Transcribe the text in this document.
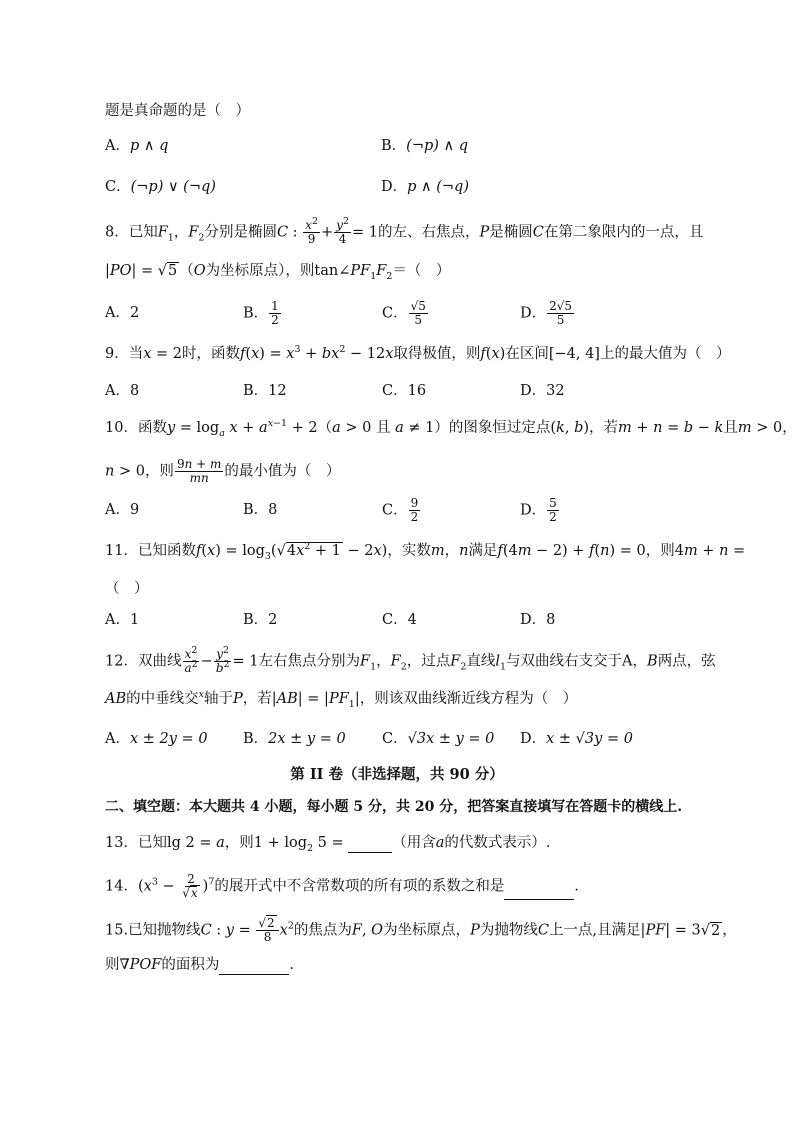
题是真命题的是（　）
A．p ∧ q	B．(¬p) ∧ q
C．(¬p) ∨ (¬q)	D．p ∧ (¬q)
8．已知$F_1$，$F_2$分别是椭圆C : $\frac{x^2}{9} + \frac{y^2}{4} = 1$的左、右焦点，P是椭圆C在第二象限内的一点，且
|PO| = √5 （O为坐标原点），则$\tan\angle PF_1F_2=$（　）
A．2	B． $\frac{1}{2}$	C． $\frac{√5}{5}$	D． $\frac{2√5}{5}$
9．当x = 2时，函数$f(x) = x^3 + bx^2 - 12x$取得极值，则f(x)在区间[−4, 4]上的最大值为（　）
A．8	B．12	C．16	D．32
10．函数$y = \log_a x + a^{x-1} + 2(a > 0$ 且 a ≠ 1）的图象恒过定点(k, b)，若m + n = b − k且m > 0，
n > 0，则 $\frac{9n + m}{mn}$ 的最小值为（　）
A．9	B．8	C． $\frac{9}{2}$	D． $\frac{5}{2}$
11．已知函数$f(x) = \log_3(√4x^2 + 1 - 2x)$，实数m，n满足f(4m − 2) + f(n) = 0，则4m + n =
（　）
A．1	B．2	C．4	D．8
12．双曲线 $\frac{x^2}{a^2} - \frac{y^2}{b^2} = 1$左右焦点分别为$F_1$，$F_2$，过点$F_2$直线$l_1$与双曲线右支交于A，B两点，弦
AB的中垂线交$^x$轴于P，若$|AB| = |PF_1|$，则该双曲线渐近线方程为（　）
A．x ± 2y = 0 B．2x ± y = 0	C．√3x ± y = 0 D．x ± √3y = 0
第 II 卷（非选择题，共 90 分）
二、填空题：本大题共 4 小题，每小题 5 分，共 20 分，把答案直接填写在答题卡的横线上.
13．已知lg 2 = a，则$1 + \log_2 5$ =	（用含a的代数式表示）.
14．$(x^3 - \frac{2}{√x} )^7$的展开式中不含常数项的所有项的系数之和是	．
15.已知抛物线C : $y = \frac{√2}{8} x^2$的焦点为F, O为坐标原点，P为抛物线C上一点,且满足|PF| = 3√2 ，
则∇POF的面积为	.
